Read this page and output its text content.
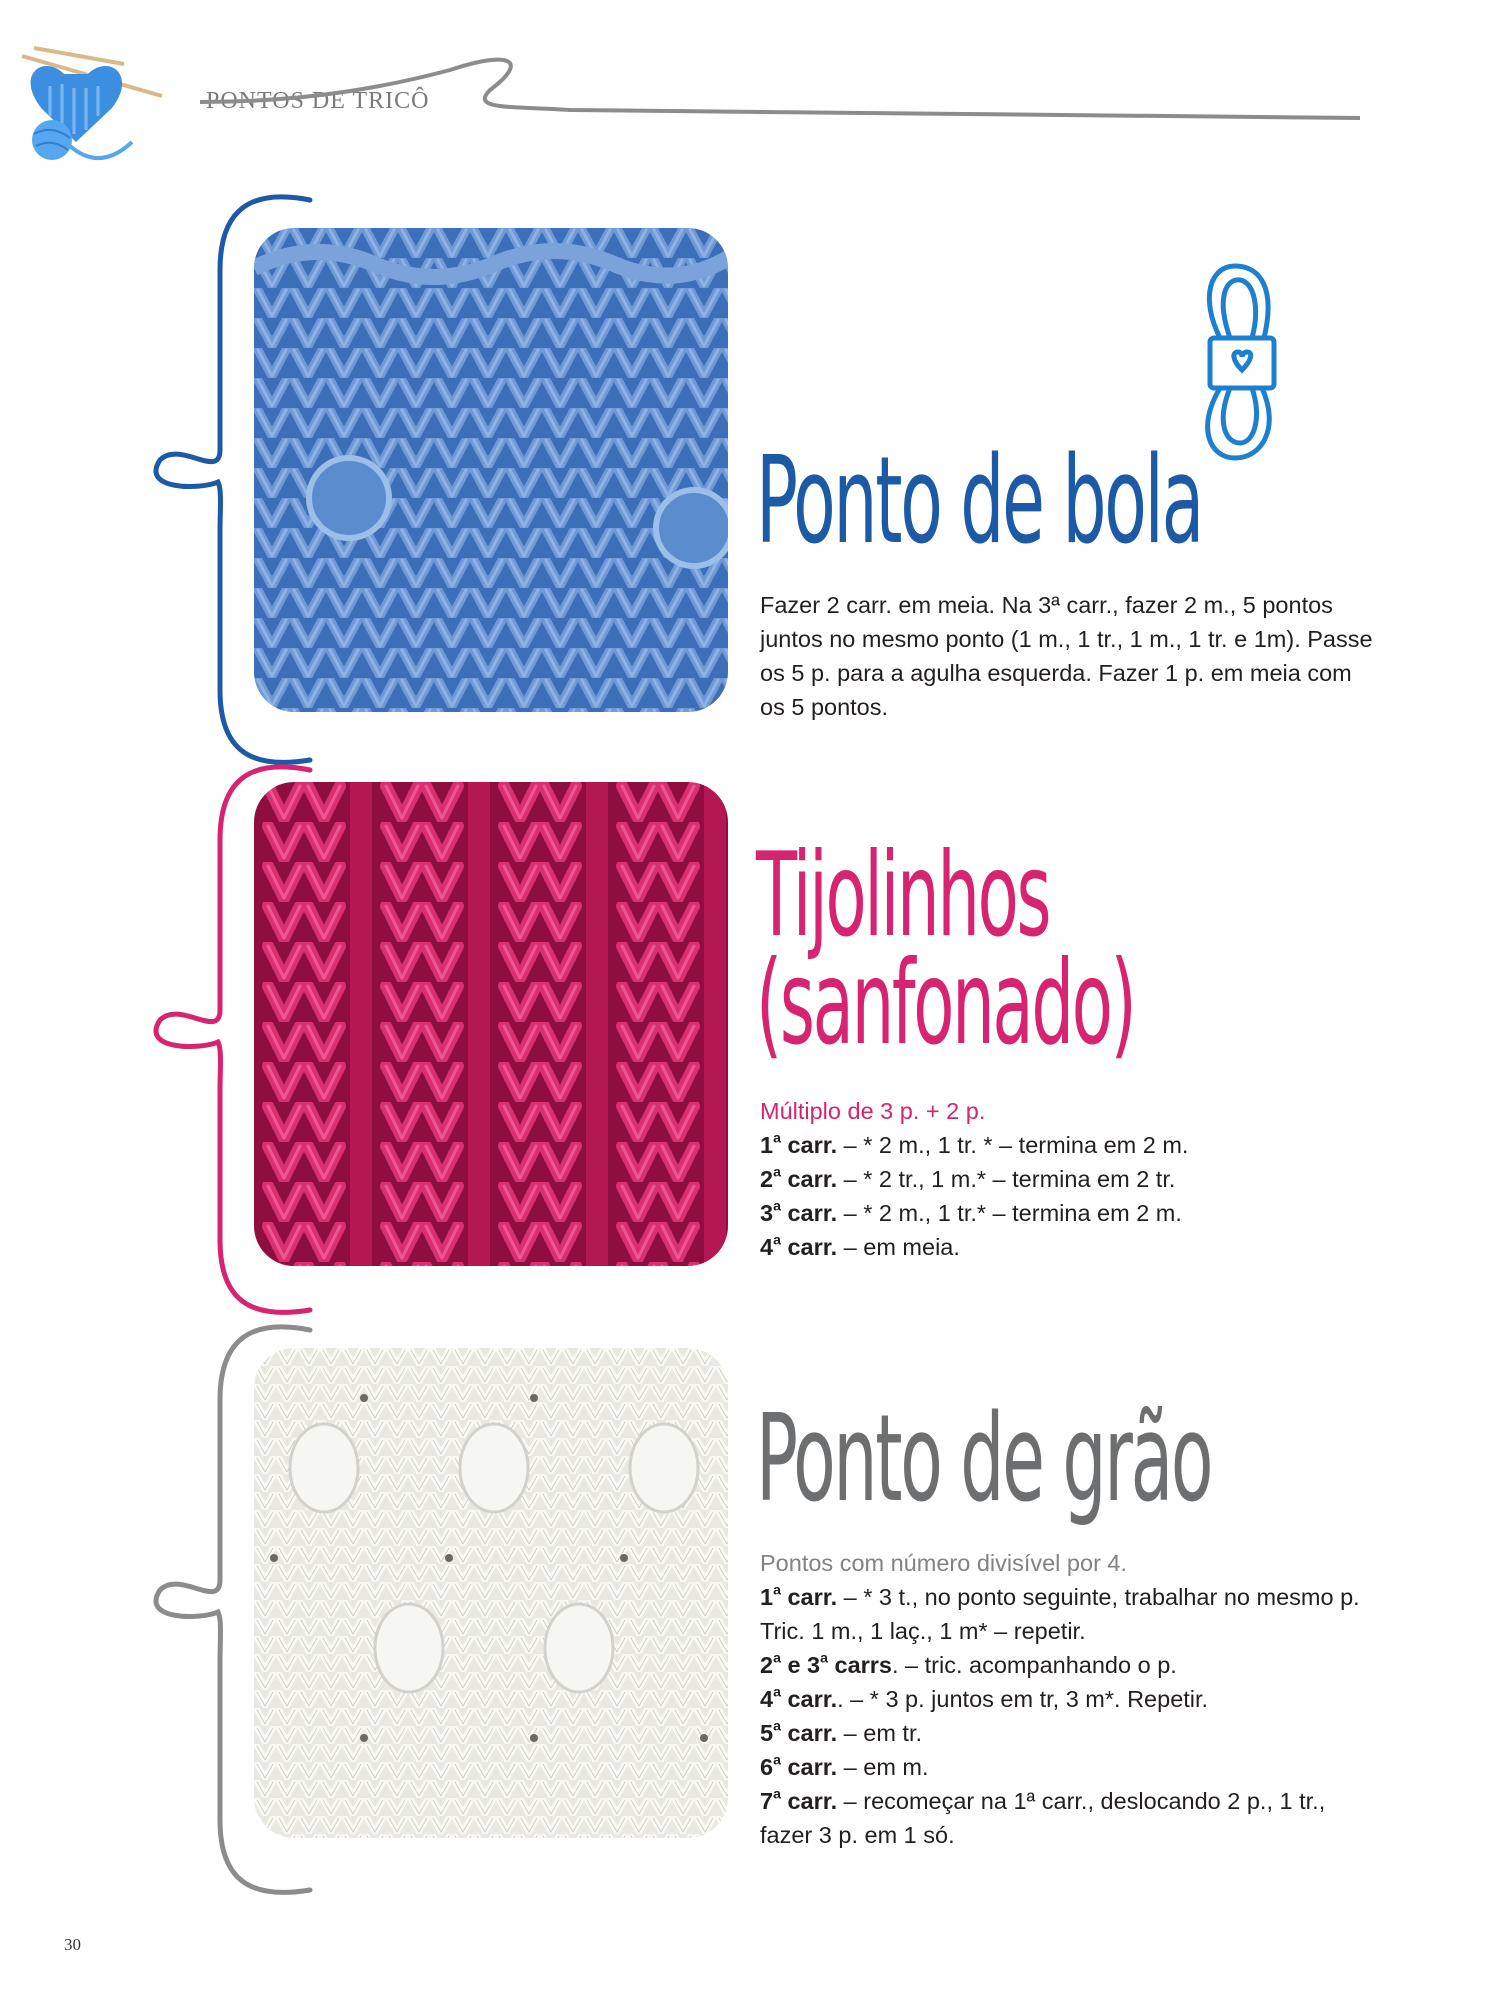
PONTOS DE TRICÔ
Ponto de bola

Fazer 2 carr. em meia. Na 3ª carr., fazer 2 m., 5 pontos juntos no mesmo ponto (1 m., 1 tr., 1 m., 1 tr. e 1m). Passe os 5 p. para a agulha esquerda. Fazer 1 p. em meia com os 5 pontos.

Tijolinhos
(sanfonado)

Múltiplo de 3 p. + 2 p.

1$^a$ carr. – * 2 m., 1 tr. * – termina em 2 m.

2$^a$ carr. – * 2 tr., 1 m.* – termina em 2 tr.

3$^a$ carr. – * 2 m., 1 tr.* – termina em 2 m.

4$^a$ carr. – em meia.

Ponto de grão

Pontos com número divisível por 4.

1$^a$ carr. – * 3 t., no ponto seguinte, trabalhar no mesmo p. Tric. 1 m., 1 laç., 1 m* – repetir.

2$^a$ e 3$^a$ carrs. – tric. acompanhando o p.

4$^a$ carr.. – * 3 p. juntos em tr, 3 m*. Repetir.

5$^a$ carr. – em tr.

6$^a$ carr. – em m.

7$^a$ carr. – recomeçar na 1ª carr., deslocando 2 p., 1 tr., fazer 3 p. em 1 só.

30
